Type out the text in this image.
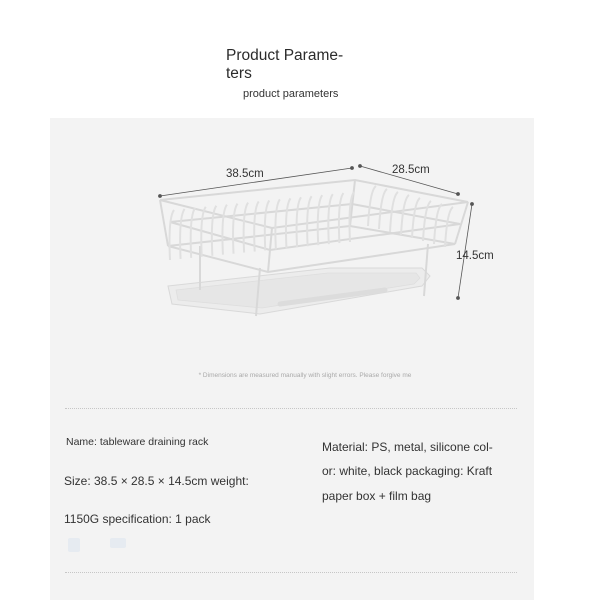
Product Parame-
ters
product parameters
38.5cm	28.5cm
14.5cm
* Dimensions are measured manually with slight errors. Please forgive me
Name: tableware draining rack
Size: 38.5 × 28.5 × 14.5cm weight:
1150G specification: 1 pack
Material: PS, metal, silicone col-
or: white, black packaging: Kraft
paper box + film bag
